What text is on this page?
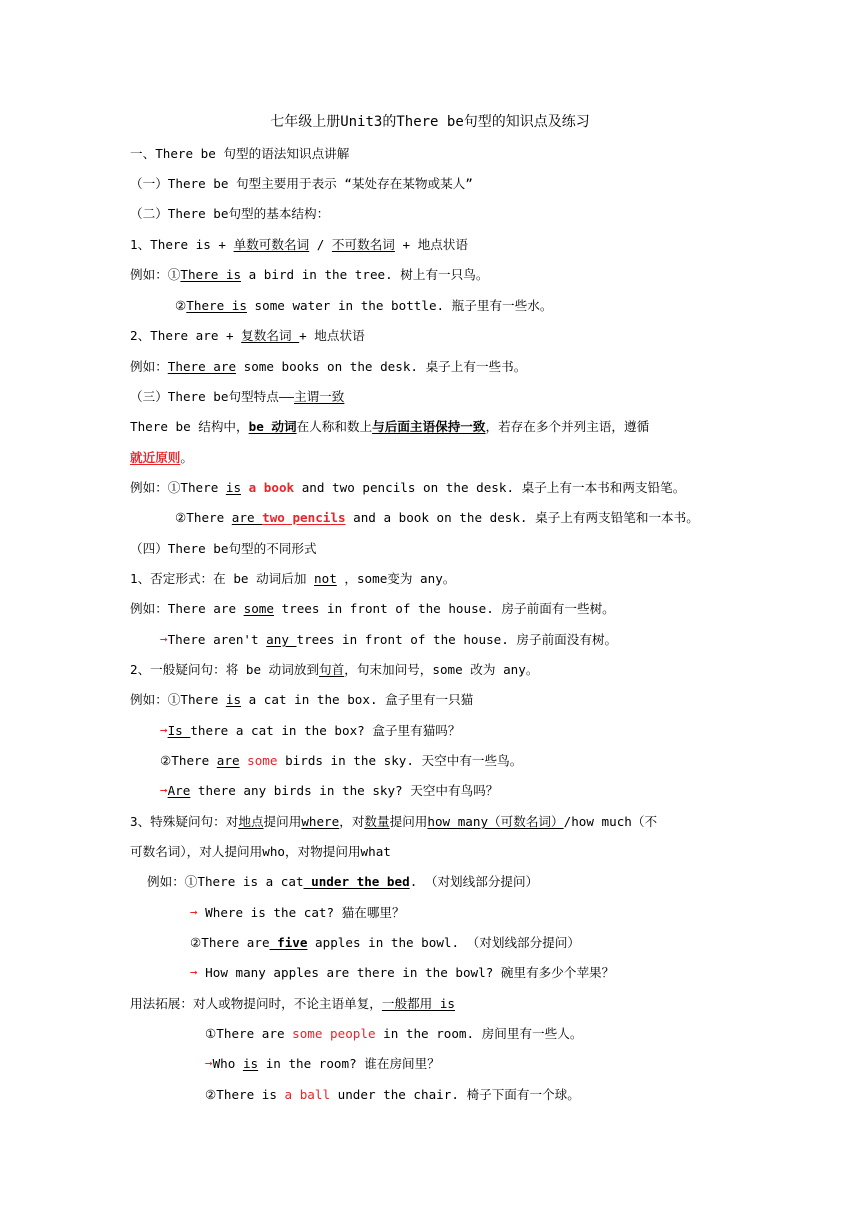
七年级上册Unit3的There be句型的知识点及练习
一、There be 句型的语法知识点讲解
（一）There be 句型主要用于表示 “某处存在某物或某人”
（二）There be句型的基本结构：
1、There is + 单数可数名词 / 不可数名词 + 地点状语
例如：①There is a bird in the tree. 树上有一只鸟。
②There is some water in the bottle. 瓶子里有一些水。
2、There are + 复数名词 + 地点状语
例如：There are some books on the desk. 桌子上有一些书。
（三）There be句型特点——主谓一致
There be 结构中，be 动词在人称和数上与后面主语保持一致，若存在多个并列主语，遵循
就近原则。
例如：①There is a book and two pencils on the desk. 桌子上有一本书和两支铅笔。
②There are two pencils and a book on the desk. 桌子上有两支铅笔和一本书。
（四）There be句型的不同形式
1、否定形式：在 be 动词后加 not ，some变为 any。
例如：There are some trees in front of the house. 房子前面有一些树。
➞There aren't any trees in front of the house. 房子前面没有树。
2、一般疑问句：将 be 动词放到句首，句末加问号，some 改为 any。
例如：①There is a cat in the box. 盒子里有一只猫
➞Is there a cat in the box? 盒子里有猫吗？
②There are some birds in the sky. 天空中有一些鸟。
➞Are there any birds in the sky? 天空中有鸟吗？
3、特殊疑问句：对地点提问用where，对数量提问用how many（可数名词）/how much（不
可数名词），对人提问用who，对物提问用what
例如：①There is a cat under the bed. （对划线部分提问）
➞ Where is the cat? 猫在哪里？
②There are five apples in the bowl. （对划线部分提问）
➞ How many apples are there in the bowl? 碗里有多少个苹果？
用法拓展：对人或物提问时，不论主语单复，一般都用 is
①There are some people in the room. 房间里有一些人。
➞Who is in the room? 谁在房间里？
②There is a ball under the chair. 椅子下面有一个球。
